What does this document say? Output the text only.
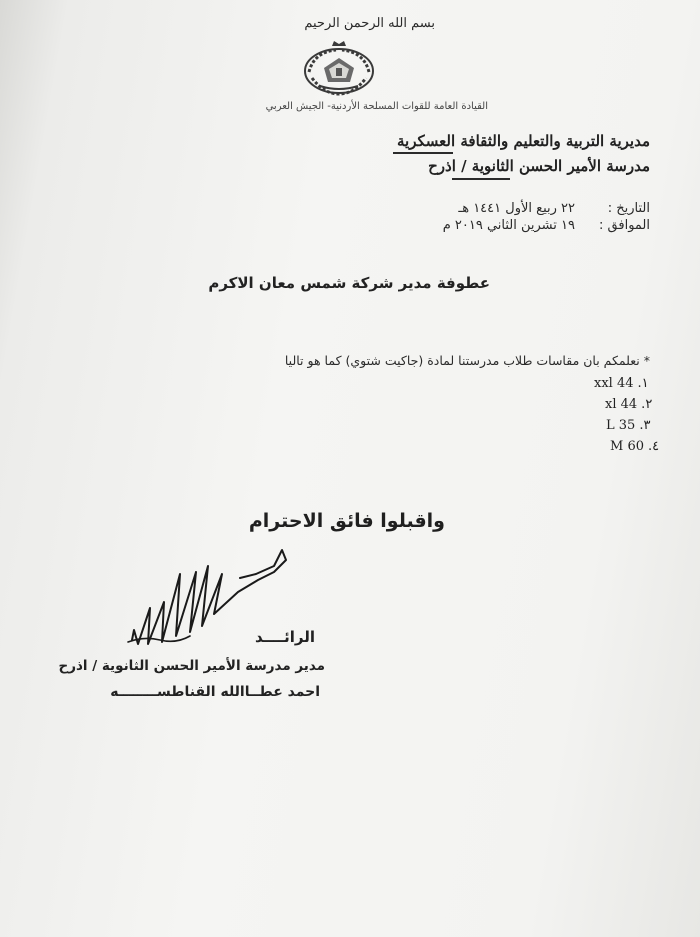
بسم الله الرحمن الرحيم
القيادة العامة للقوات المسلحة الأردنية- الجيش العربي
مديرية التربية والتعليم والثقافة العسكرية
مدرسة الأمير الحسن الثانوية / اذرح
التاريخ :
٢٢ ربيع الأول ١٤٤١ هـ
الموافق :
١٩ تشرين الثاني ٢٠١٩ م
عطوفة مدير شركة شمس معان الاكرم
* نعلمكم بان مقاسات طلاب مدرستنا لمادة (جاكيت شتوي) كما هو تاليا
xxl 44 .١
xl 44 .٢
L 35 .٣
M 60 .٤
واقبلوا فائق الاحترام
الرائــــد
مدير مدرسة الأمير الحسن الثانوية / اذرح
احمد عطــاالله القناطســــــــه
